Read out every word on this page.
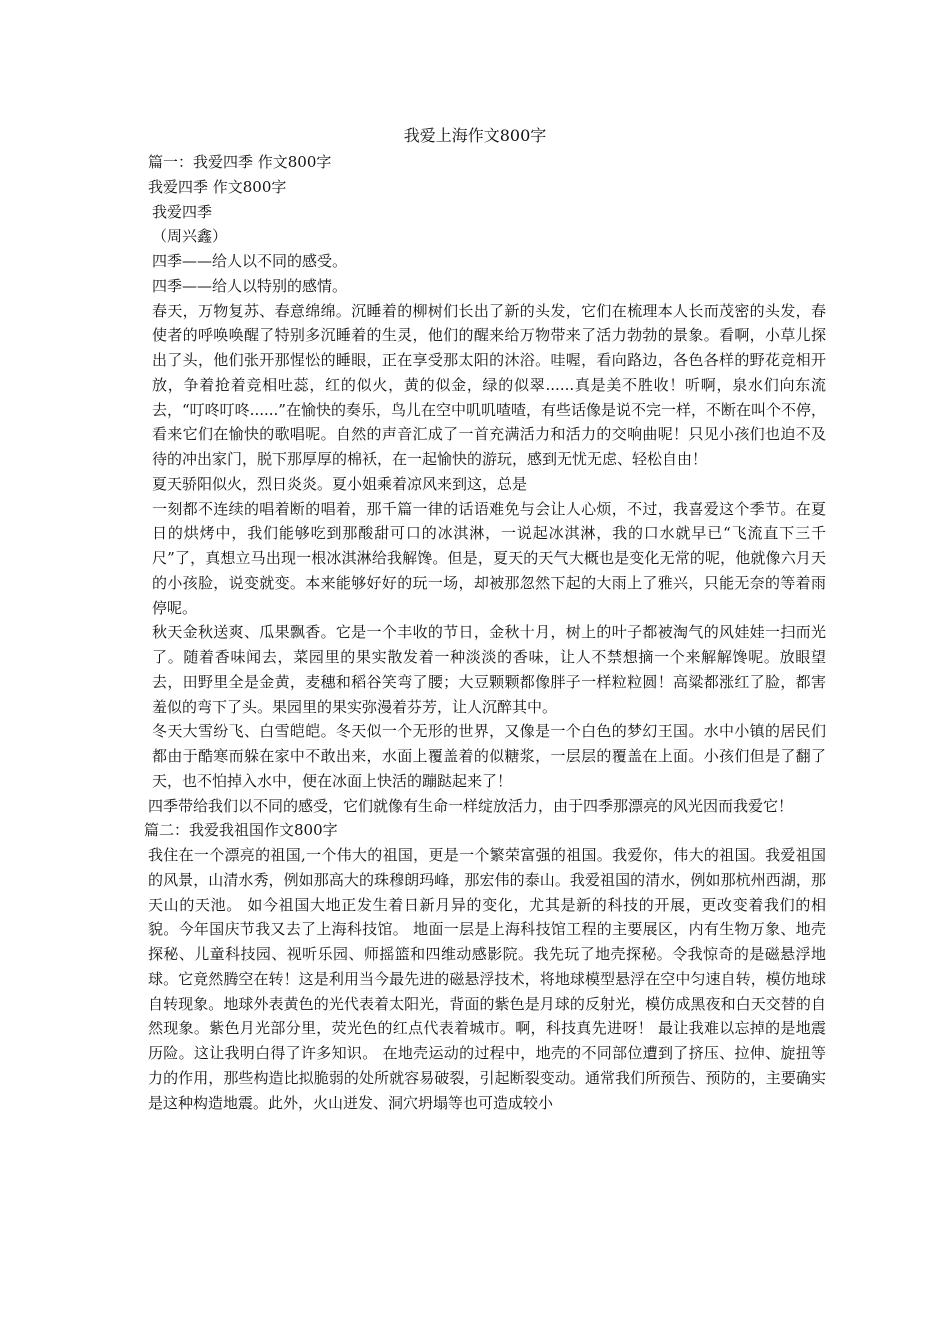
我爱上海作文800字

篇一：我爱四季 作文800字

我爱四季 作文800字

我爱四季

（周兴鑫）

四季——给人以不同的感受。

四季——给人以特别的感情。

春天，万物复苏、春意绵绵。沉睡着的柳树们长出了新的头发，它们在梳理本人长而茂密的头发，春使者的呼唤唤醒了特别多沉睡着的生灵，他们的醒来给万物带来了活力勃勃的景象。看啊，小草儿探出了头，他们张开那惺忪的睡眼，正在享受那太阳的沐浴。哇喔，看向路边，各色各样的野花竞相开放，争着抢着竞相吐蕊，红的似火，黄的似金，绿的似翠......真是美不胜收！听啊，泉水们向东流去，“叮咚叮咚......”在愉快的奏乐，鸟儿在空中叽叽喳喳，有些话像是说不完一样，不断在叫个不停，看来它们在愉快的歌唱呢。自然的声音汇成了一首充满活力和活力的交响曲呢！只见小孩们也迫不及待的冲出家门，脱下那厚厚的棉袄，在一起愉快的游玩，感到无忧无虑、轻松自由！

夏天骄阳似火，烈日炎炎。夏小姐乘着凉风来到这，总是

一刻都不连续的唱着断的唱着，那千篇一律的话语难免与会让人心烦，不过，我喜爱这个季节。在夏日的烘烤中，我们能够吃到那酸甜可口的冰淇淋，一说起冰淇淋，我的口水就早已“飞流直下三千尺”了，真想立马出现一根冰淇淋给我解馋。但是，夏天的天气大概也是变化无常的呢，他就像六月天的小孩脸，说变就变。本来能够好好的玩一场，却被那忽然下起的大雨上了雅兴，只能无奈的等着雨停呢。

秋天金秋送爽、瓜果飘香。它是一个丰收的节日，金秋十月，树上的叶子都被淘气的风娃娃一扫而光了。随着香味闻去，菜园里的果实散发着一种淡淡的香味，让人不禁想摘一个来解解馋呢。放眼望去，田野里全是金黄，麦穗和稻谷笑弯了腰；大豆颗颗都像胖子一样粒粒圆！高粱都涨红了脸，都害羞似的弯下了头。果园里的果实弥漫着芬芳，让人沉醉其中。

冬天大雪纷飞、白雪皑皑。冬天似一个无形的世界，又像是一个白色的梦幻王国。水中小镇的居民们都由于酷寒而躲在家中不敢出来，水面上覆盖着的似糖浆，一层层的覆盖在上面。小孩们但是了翻了天，也不怕掉入水中，便在冰面上快活的蹦跶起来了！

四季带给我们以不同的感受，它们就像有生命一样绽放活力，由于四季那漂亮的风光因而我爱它！

篇二：我爱我祖国作文800字

我住在一个漂亮的祖国,一个伟大的祖国，更是一个繁荣富强的祖国。我爱你，伟大的祖国。我爱祖国的风景，山清水秀，例如那高大的珠穆朗玛峰，那宏伟的泰山。我爱祖国的清水，例如那杭州西湖，那天山的天池。 如今祖国大地正发生着日新月异的变化，尤其是新的科技的开展，更改变着我们的相貌。今年国庆节我又去了上海科技馆。 地面一层是上海科技馆工程的主要展区，内有生物万象、地壳探秘、儿童科技园、视听乐园、师摇篮和四维动感影院。我先玩了地壳探秘。令我惊奇的是磁悬浮地球。它竟然腾空在转！这是利用当今最先进的磁悬浮技术，将地球模型悬浮在空中匀速自转，模仿地球自转现象。地球外表黄色的光代表着太阳光，背面的紫色是月球的反射光，模仿成黑夜和白天交替的自然现象。紫色月光部分里，荧光色的红点代表着城市。啊，科技真先进呀！ 最让我难以忘掉的是地震历险。这让我明白得了许多知识。 在地壳运动的过程中，地壳的不同部位遭到了挤压、拉伸、旋扭等力的作用，那些构造比拟脆弱的处所就容易破裂，引起断裂变动。通常我们所预告、预防的，主要确实是这种构造地震。此外，火山迸发、洞穴坍塌等也可造成较小
